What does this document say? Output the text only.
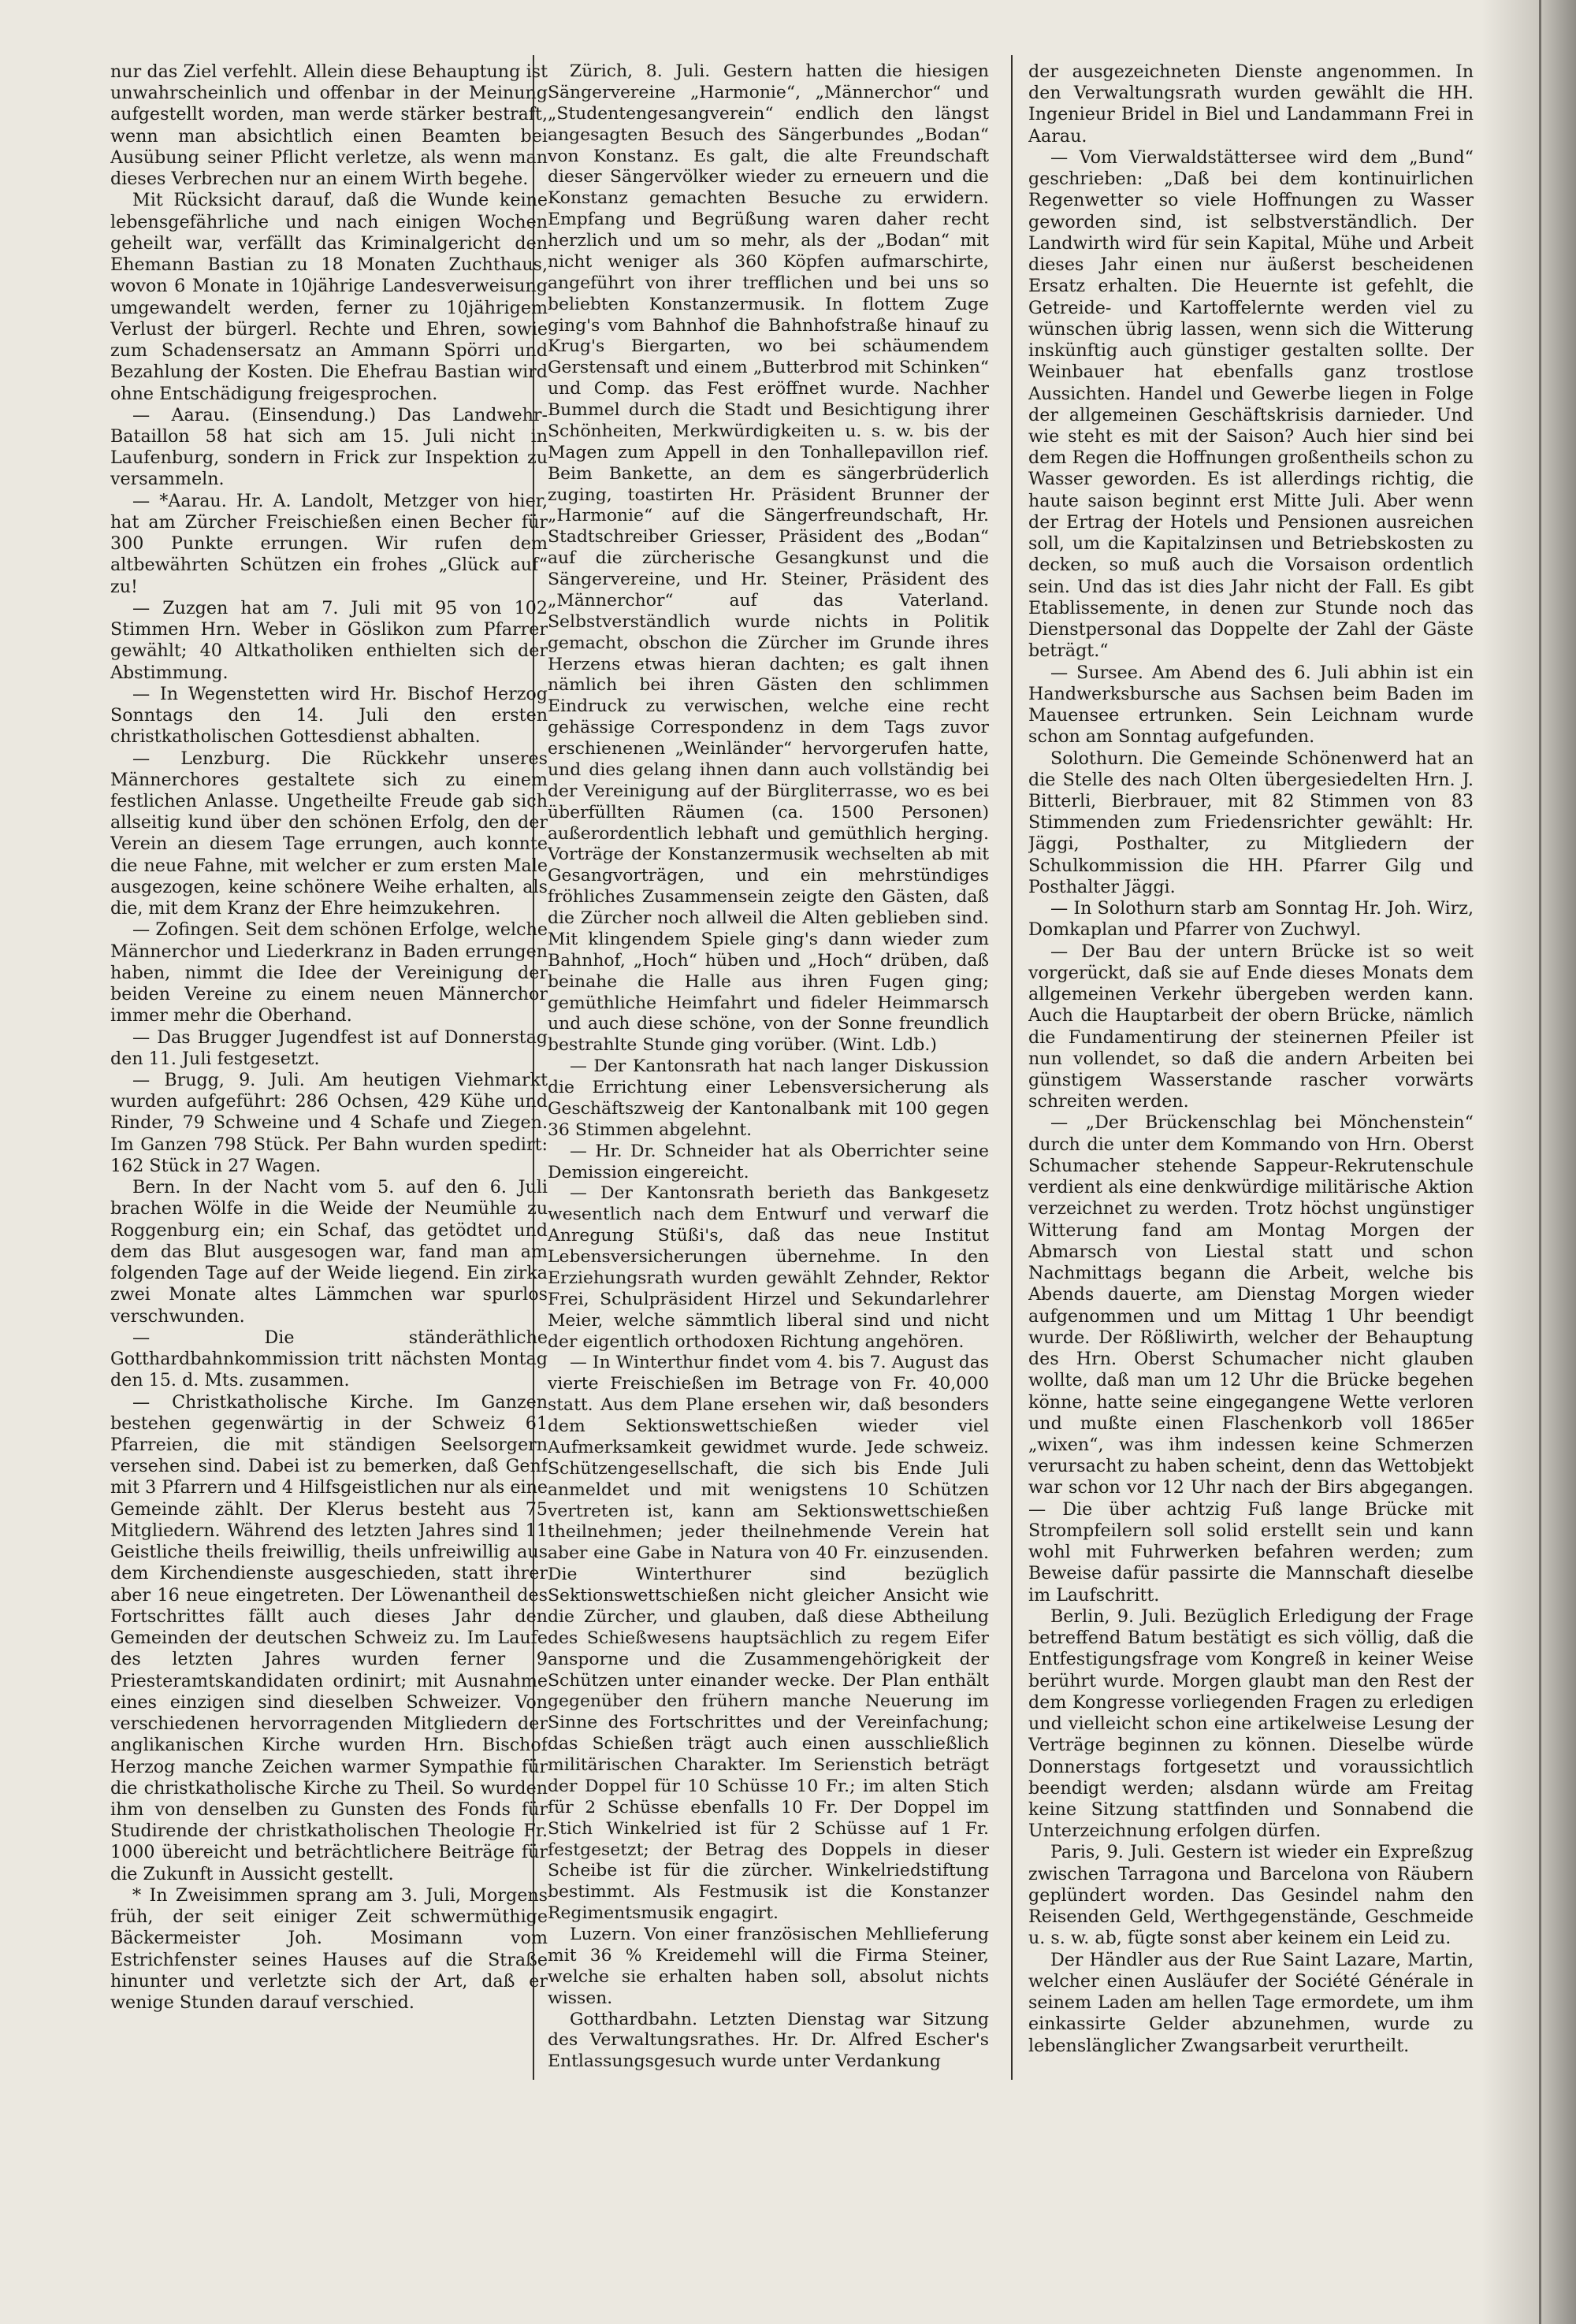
nur das Ziel verfehlt. Allein diese Behauptung ist unwahrscheinlich und offenbar in der Meinung aufgestellt worden, man werde stärker bestraft, wenn man absichtlich einen Beamten bei Ausübung seiner Pflicht verletze, als wenn man dieses Verbrechen nur an einem Wirth begehe.

Mit Rücksicht darauf, daß die Wunde keine lebensgefährliche und nach einigen Wochen geheilt war, verfällt das Kriminalgericht den Ehemann Bastian zu 18 Monaten Zuchthaus, wovon 6 Monate in 10jährige Landesverweisung umgewandelt werden, ferner zu 10jährigem Verlust der bürgerl. Rechte und Ehren, sowie zum Schadensersatz an Ammann Spörri und Bezahlung der Kosten. Die Ehefrau Bastian wird ohne Entschädigung freigesprochen.

— Aarau. (Einsendung.) Das Landwehr-Bataillon 58 hat sich am 15. Juli nicht in Laufenburg, sondern in Frick zur Inspektion zu versammeln.

— *Aarau. Hr. A. Landolt, Metzger von hier, hat am Zürcher Freischießen einen Becher für 300 Punkte errungen. Wir rufen dem altbewährten Schützen ein frohes „Glück auf“ zu!

— Zuzgen hat am 7. Juli mit 95 von 102 Stimmen Hrn. Weber in Göslikon zum Pfarrer gewählt; 40 Altkatholiken enthielten sich der Abstimmung.

— In Wegenstetten wird Hr. Bischof Herzog Sonntags den 14. Juli den ersten christkatholischen Gottesdienst abhalten.

— Lenzburg. Die Rückkehr unseres Männerchores gestaltete sich zu einem festlichen Anlasse. Ungetheilte Freude gab sich allseitig kund über den schönen Erfolg, den der Verein an diesem Tage errungen, auch konnte die neue Fahne, mit welcher er zum ersten Male ausgezogen, keine schönere Weihe erhalten, als die, mit dem Kranz der Ehre heimzukehren.

— Zofingen. Seit dem schönen Erfolge, welche Männerchor und Liederkranz in Baden errungen haben, nimmt die Idee der Vereinigung der beiden Vereine zu einem neuen Männerchor immer mehr die Oberhand.

— Das Brugger Jugendfest ist auf Donnerstag den 11. Juli festgesetzt.

— Brugg, 9. Juli. Am heutigen Viehmarkt wurden aufgeführt: 286 Ochsen, 429 Kühe und Rinder, 79 Schweine und 4 Schafe und Ziegen. Im Ganzen 798 Stück. Per Bahn wurden spedirt: 162 Stück in 27 Wagen.

Bern. In der Nacht vom 5. auf den 6. Juli brachen Wölfe in die Weide der Neumühle zu Roggenburg ein; ein Schaf, das getödtet und dem das Blut ausgesogen war, fand man am folgenden Tage auf der Weide liegend. Ein zirka zwei Monate altes Lämmchen war spurlos verschwunden.

— Die ständeräthliche Gotthardbahnkommission tritt nächsten Montag den 15. d. Mts. zusammen.

— Christkatholische Kirche. Im Ganzen bestehen gegenwärtig in der Schweiz 61 Pfarreien, die mit ständigen Seelsorgern versehen sind. Dabei ist zu bemerken, daß Genf mit 3 Pfarrern und 4 Hilfsgeistlichen nur als eine Gemeinde zählt. Der Klerus besteht aus 75 Mitgliedern. Während des letzten Jahres sind 11 Geistliche theils freiwillig, theils unfreiwillig aus dem Kirchendienste ausgeschieden, statt ihrer aber 16 neue eingetreten. Der Löwenantheil des Fortschrittes fällt auch dieses Jahr den Gemeinden der deutschen Schweiz zu. Im Laufe des letzten Jahres wurden ferner 9 Priesteramtskandidaten ordinirt; mit Ausnahme eines einzigen sind dieselben Schweizer. Von verschiedenen hervorragenden Mitgliedern der anglikanischen Kirche wurden Hrn. Bischof Herzog manche Zeichen warmer Sympathie für die christkatholische Kirche zu Theil. So wurden ihm von denselben zu Gunsten des Fonds für Studirende der christkatholischen Theologie Fr. 1000 übereicht und beträchtlichere Beiträge für die Zukunft in Aussicht gestellt.

* In Zweisimmen sprang am 3. Juli, Morgens früh, der seit einiger Zeit schwermüthige Bäckermeister Joh. Mosimann vom Estrichfenster seines Hauses auf die Straße hinunter und verletzte sich der Art, daß er wenige Stunden darauf verschied.

Zürich, 8. Juli. Gestern hatten die hiesigen Sängervereine „Harmonie“, „Männerchor“ und „Studentengesangverein“ endlich den längst angesagten Besuch des Sängerbundes „Bodan“ von Konstanz. Es galt, die alte Freundschaft dieser Sängervölker wieder zu erneuern und die Konstanz gemachten Besuche zu erwidern. Empfang und Begrüßung waren daher recht herzlich und um so mehr, als der „Bodan“ mit nicht weniger als 360 Köpfen aufmarschirte, angeführt von ihrer trefflichen und bei uns so beliebten Konstanzermusik. In flottem Zuge ging's vom Bahnhof die Bahnhofstraße hinauf zu Krug's Biergarten, wo bei schäumendem Gerstensaft und einem „Butterbrod mit Schinken“ und Comp. das Fest eröffnet wurde. Nachher Bummel durch die Stadt und Besichtigung ihrer Schönheiten, Merkwürdigkeiten u. s. w. bis der Magen zum Appell in den Tonhallepavillon rief. Beim Bankette, an dem es sängerbrüderlich zuging, toastirten Hr. Präsident Brunner der „Harmonie“ auf die Sängerfreundschaft, Hr. Stadtschreiber Griesser, Präsident des „Bodan“ auf die zürcherische Gesangkunst und die Sängervereine, und Hr. Steiner, Präsident des „Männerchor“ auf das Vaterland. Selbstverständlich wurde nichts in Politik gemacht, obschon die Zürcher im Grunde ihres Herzens etwas hieran dachten; es galt ihnen nämlich bei ihren Gästen den schlimmen Eindruck zu verwischen, welche eine recht gehässige Correspondenz in dem Tags zuvor erschienenen „Weinländer“ hervorgerufen hatte, und dies gelang ihnen dann auch vollständig bei der Vereinigung auf der Bürgliterrasse, wo es bei überfüllten Räumen (ca. 1500 Personen) außerordentlich lebhaft und gemüthlich herging. Vorträge der Konstanzermusik wechselten ab mit Gesangvorträgen, und ein mehrstündiges fröhliches Zusammensein zeigte den Gästen, daß die Zürcher noch allweil die Alten geblieben sind. Mit klingendem Spiele ging's dann wieder zum Bahnhof, „Hoch“ hüben und „Hoch“ drüben, daß beinahe die Halle aus ihren Fugen ging; gemüthliche Heimfahrt und fideler Heimmarsch und auch diese schöne, von der Sonne freundlich bestrahlte Stunde ging vorüber. (Wint. Ldb.)

— Der Kantonsrath hat nach langer Diskussion die Errichtung einer Lebensversicherung als Geschäftszweig der Kantonalbank mit 100 gegen 36 Stimmen abgelehnt.

— Hr. Dr. Schneider hat als Oberrichter seine Demission eingereicht.

— Der Kantonsrath berieth das Bankgesetz wesentlich nach dem Entwurf und verwarf die Anregung Stüßi's, daß das neue Institut Lebensversicherungen übernehme. In den Erziehungsrath wurden gewählt Zehnder, Rektor Frei, Schulpräsident Hirzel und Sekundarlehrer Meier, welche sämmtlich liberal sind und nicht der eigentlich orthodoxen Richtung angehören.

— In Winterthur findet vom 4. bis 7. August das vierte Freischießen im Betrage von Fr. 40,000 statt. Aus dem Plane ersehen wir, daß besonders dem Sektionswettschießen wieder viel Aufmerksamkeit gewidmet wurde. Jede schweiz. Schützengesellschaft, die sich bis Ende Juli anmeldet und mit wenigstens 10 Schützen vertreten ist, kann am Sektionswettschießen theilnehmen; jeder theilnehmende Verein hat aber eine Gabe in Natura von 40 Fr. einzusenden. Die Winterthurer sind bezüglich Sektionswettschießen nicht gleicher Ansicht wie die Zürcher, und glauben, daß diese Abtheilung des Schießwesens hauptsächlich zu regem Eifer ansporne und die Zusammengehörigkeit der Schützen unter einander wecke. Der Plan enthält gegenüber den frühern manche Neuerung im Sinne des Fortschrittes und der Vereinfachung; das Schießen trägt auch einen ausschließlich militärischen Charakter. Im Serienstich beträgt der Doppel für 10 Schüsse 10 Fr.; im alten Stich für 2 Schüsse ebenfalls 10 Fr. Der Doppel im Stich Winkelried ist für 2 Schüsse auf 1 Fr. festgesetzt; der Betrag des Doppels in dieser Scheibe ist für die zürcher. Winkelriedstiftung bestimmt. Als Festmusik ist die Konstanzer Regimentsmusik engagirt.

Luzern. Von einer französischen Mehllieferung mit 36 % Kreidemehl will die Firma Steiner, welche sie erhalten haben soll, absolut nichts wissen.

Gotthardbahn. Letzten Dienstag war Sitzung des Verwaltungsrathes. Hr. Dr. Alfred Escher's Entlassungsgesuch wurde unter Verdankung

der ausgezeichneten Dienste angenommen. In den Verwaltungsrath wurden gewählt die HH. Ingenieur Bridel in Biel und Landammann Frei in Aarau.

— Vom Vierwaldstättersee wird dem „Bund“ geschrieben: „Daß bei dem kontinuirlichen Regenwetter so viele Hoffnungen zu Wasser geworden sind, ist selbstverständlich. Der Landwirth wird für sein Kapital, Mühe und Arbeit dieses Jahr einen nur äußerst bescheidenen Ersatz erhalten. Die Heuernte ist gefehlt, die Getreide- und Kartoffelernte werden viel zu wünschen übrig lassen, wenn sich die Witterung inskünftig auch günstiger gestalten sollte. Der Weinbauer hat ebenfalls ganz trostlose Aussichten. Handel und Gewerbe liegen in Folge der allgemeinen Geschäftskrisis darnieder. Und wie steht es mit der Saison? Auch hier sind bei dem Regen die Hoffnungen großentheils schon zu Wasser geworden. Es ist allerdings richtig, die haute saison beginnt erst Mitte Juli. Aber wenn der Ertrag der Hotels und Pensionen ausreichen soll, um die Kapitalzinsen und Betriebskosten zu decken, so muß auch die Vorsaison ordentlich sein. Und das ist dies Jahr nicht der Fall. Es gibt Etablissemente, in denen zur Stunde noch das Dienstpersonal das Doppelte der Zahl der Gäste beträgt.“

— Sursee. Am Abend des 6. Juli abhin ist ein Handwerksbursche aus Sachsen beim Baden im Mauensee ertrunken. Sein Leichnam wurde schon am Sonntag aufgefunden.

Solothurn. Die Gemeinde Schönenwerd hat an die Stelle des nach Olten übergesiedelten Hrn. J. Bitterli, Bierbrauer, mit 82 Stimmen von 83 Stimmenden zum Friedensrichter gewählt: Hr. Jäggi, Posthalter, zu Mitgliedern der Schulkommission die HH. Pfarrer Gilg und Posthalter Jäggi.

— In Solothurn starb am Sonntag Hr. Joh. Wirz, Domkaplan und Pfarrer von Zuchwyl.

— Der Bau der untern Brücke ist so weit vorgerückt, daß sie auf Ende dieses Monats dem allgemeinen Verkehr übergeben werden kann. Auch die Hauptarbeit der obern Brücke, nämlich die Fundamentirung der steinernen Pfeiler ist nun vollendet, so daß die andern Arbeiten bei günstigem Wasserstande rascher vorwärts schreiten werden.

— „Der Brückenschlag bei Mönchenstein“ durch die unter dem Kommando von Hrn. Oberst Schumacher stehende Sappeur-Rekrutenschule verdient als eine denkwürdige militärische Aktion verzeichnet zu werden. Trotz höchst ungünstiger Witterung fand am Montag Morgen der Abmarsch von Liestal statt und schon Nachmittags begann die Arbeit, welche bis Abends dauerte, am Dienstag Morgen wieder aufgenommen und um Mittag 1 Uhr beendigt wurde. Der Rößliwirth, welcher der Behauptung des Hrn. Oberst Schumacher nicht glauben wollte, daß man um 12 Uhr die Brücke begehen könne, hatte seine eingegangene Wette verloren und mußte einen Flaschenkorb voll 1865er „wixen“, was ihm indessen keine Schmerzen verursacht zu haben scheint, denn das Wettobjekt war schon vor 12 Uhr nach der Birs abgegangen. — Die über achtzig Fuß lange Brücke mit Strompfeilern soll solid erstellt sein und kann wohl mit Fuhrwerken befahren werden; zum Beweise dafür passirte die Mannschaft dieselbe im Laufschritt.

Berlin, 9. Juli. Bezüglich Erledigung der Frage betreffend Batum bestätigt es sich völlig, daß die Entfestigungsfrage vom Kongreß in keiner Weise berührt wurde. Morgen glaubt man den Rest der dem Kongresse vorliegenden Fragen zu erledigen und vielleicht schon eine artikelweise Lesung der Verträge beginnen zu können. Dieselbe würde Donnerstags fortgesetzt und voraussichtlich beendigt werden; alsdann würde am Freitag keine Sitzung stattfinden und Sonnabend die Unterzeichnung erfolgen dürfen.

Paris, 9. Juli. Gestern ist wieder ein Expreßzug zwischen Tarragona und Barcelona von Räubern geplündert worden. Das Gesindel nahm den Reisenden Geld, Werthgegenstände, Geschmeide u. s. w. ab, fügte sonst aber keinem ein Leid zu.

Der Händler aus der Rue Saint Lazare, Martin, welcher einen Ausläufer der Société Générale in seinem Laden am hellen Tage ermordete, um ihm einkassirte Gelder abzunehmen, wurde zu lebenslänglicher Zwangsarbeit verurtheilt.
